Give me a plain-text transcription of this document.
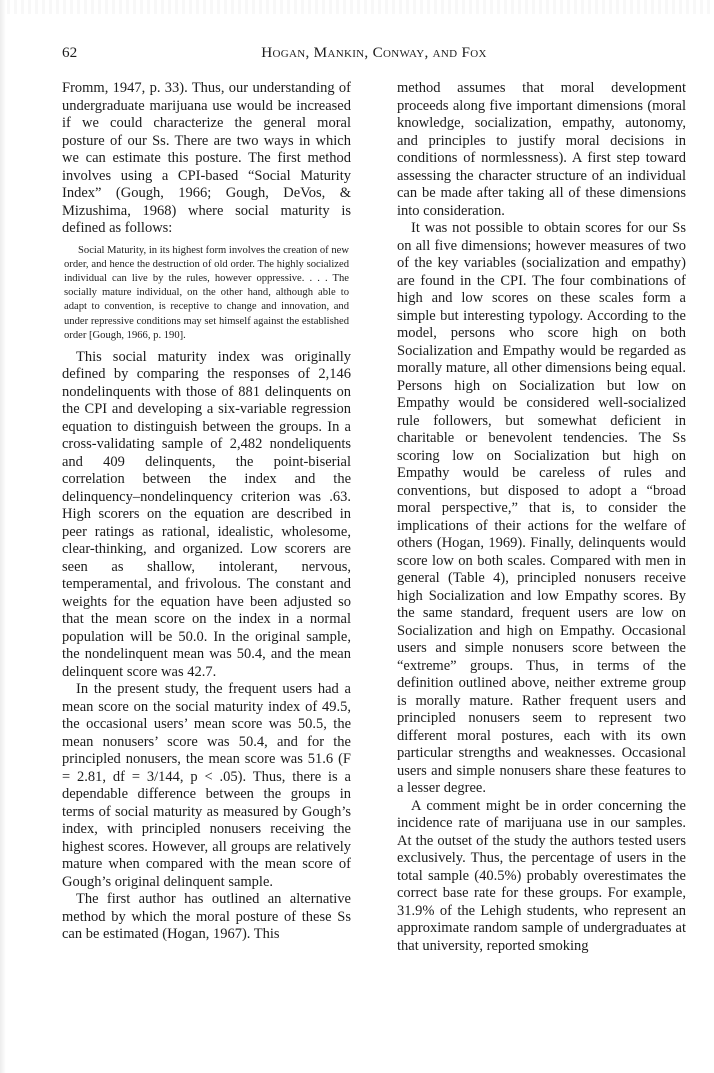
62	Hogan, Mankin, Conway, and Fox

Fromm, 1947, p. 33). Thus, our understanding of undergraduate marijuana use would be increased if we could characterize the general moral posture of our Ss. There are two ways in which we can estimate this posture. The first method involves using a CPI-based “Social Maturity Index” (Gough, 1966; Gough, DeVos, & Mizushima, 1968) where social maturity is defined as follows:

Social Maturity, in its highest form involves the creation of new order, and hence the destruction of old order. The highly socialized individual can live by the rules, however oppressive. . . . The socially mature individual, on the other hand, although able to adapt to convention, is receptive to change and innovation, and under repressive conditions may set himself against the established order [Gough, 1966, p. 190].

This social maturity index was originally defined by comparing the responses of 2,146 nondelinquents with those of 881 delinquents on the CPI and developing a six-variable regression equation to distinguish between the groups. In a cross-validating sample of 2,482 nondeliquents and 409 delinquents, the point-biserial correlation between the index and the delinquency–nondelinquency criterion was .63. High scorers on the equation are described in peer ratings as rational, idealistic, wholesome, clear-thinking, and organized. Low scorers are seen as shallow, intolerant, nervous, temperamental, and frivolous. The constant and weights for the equation have been adjusted so that the mean score on the index in a normal population will be 50.0. In the original sample, the nondelinquent mean was 50.4, and the mean delinquent score was 42.7.

In the present study, the frequent users had a mean score on the social maturity index of 49.5, the occasional users’ mean score was 50.5, the mean nonusers’ score was 50.4, and for the principled nonusers, the mean score was 51.6 (F = 2.81, df = 3/144, p < .05). Thus, there is a dependable difference between the groups in terms of social maturity as measured by Gough’s index, with principled nonusers receiving the highest scores. However, all groups are relatively mature when compared with the mean score of Gough’s original delinquent sample.

The first author has outlined an alternative method by which the moral posture of these Ss can be estimated (Hogan, 1967). This

method assumes that moral development proceeds along five important dimensions (moral knowledge, socialization, empathy, autonomy, and principles to justify moral decisions in conditions of normlessness). A first step toward assessing the character structure of an individual can be made after taking all of these dimensions into consideration.

It was not possible to obtain scores for our Ss on all five dimensions; however measures of two of the key variables (socialization and empathy) are found in the CPI. The four combinations of high and low scores on these scales form a simple but interesting typology. According to the model, persons who score high on both Socialization and Empathy would be regarded as morally mature, all other dimensions being equal. Persons high on Socialization but low on Empathy would be considered well-socialized rule followers, but somewhat deficient in charitable or benevolent tendencies. The Ss scoring low on Socialization but high on Empathy would be careless of rules and conventions, but disposed to adopt a “broad moral perspective,” that is, to consider the implications of their actions for the welfare of others (Hogan, 1969). Finally, delinquents would score low on both scales. Compared with men in general (Table 4), principled nonusers receive high Socialization and low Empathy scores. By the same standard, frequent users are low on Socialization and high on Empathy. Occasional users and simple nonusers score between the “extreme” groups. Thus, in terms of the definition outlined above, neither extreme group is morally mature. Rather frequent users and principled nonusers seem to represent two different moral postures, each with its own particular strengths and weaknesses. Occasional users and simple nonusers share these features to a lesser degree.

A comment might be in order concerning the incidence rate of marijuana use in our samples. At the outset of the study the authors tested users exclusively. Thus, the percentage of users in the total sample (40.5%) probably overestimates the correct base rate for these groups. For example, 31.9% of the Lehigh students, who represent an approximate random sample of undergraduates at that university, reported smoking
